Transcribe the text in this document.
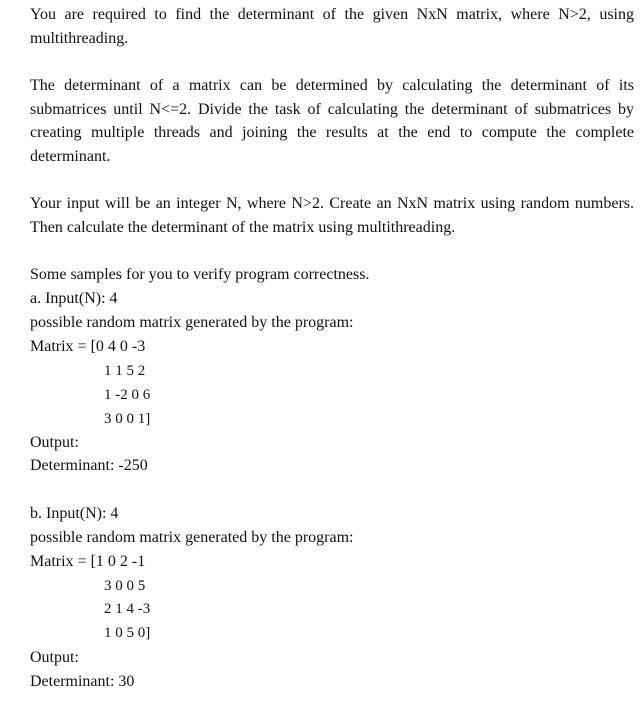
You are required to find the determinant of the given NxN matrix, where N>2, using multithreading.

The determinant of a matrix can be determined by calculating the determinant of its submatrices until N<=2. Divide the task of calculating the determinant of submatrices by creating multiple threads and joining the results at the end to compute the complete determinant.

Your input will be an integer N, where N>2. Create an NxN matrix using random numbers. Then calculate the determinant of the matrix using multithreading.

Some samples for you to verify program correctness.
a. Input(N): 4
possible random matrix generated by the program:
Matrix = [0 4 0 -3
1 1 5 2
1 -2 0 6
3 0 0 1]
Output:
Determinant: -250
b. Input(N): 4
possible random matrix generated by the program:
Matrix = [1 0 2 -1
3 0 0 5
2 1 4 -3
1 0 5 0]
Output:
Determinant: 30
